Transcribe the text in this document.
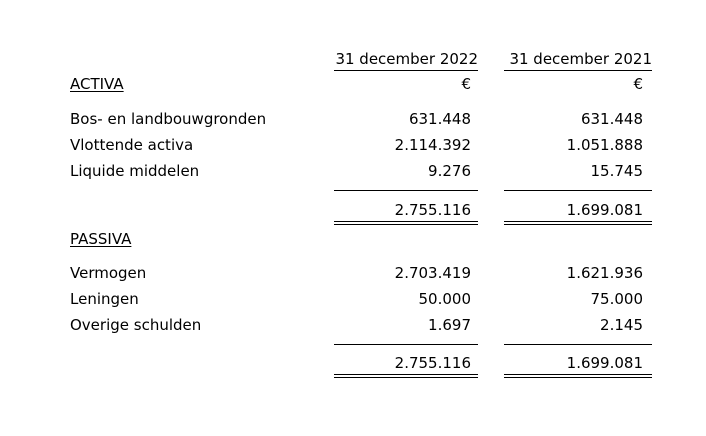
31 december 2022	31 december 2021
ACTIVA	€	€
Bos- en landbouwgronden	631.448	631.448
Vlottende activa	2.114.392	1.051.888
Liquide middelen	9.276	15.745
2.755.116	1.699.081
PASSIVA
Vermogen	2.703.419	1.621.936
Leningen	50.000	75.000
Overige schulden	1.697	2.145
2.755.116	1.699.081
